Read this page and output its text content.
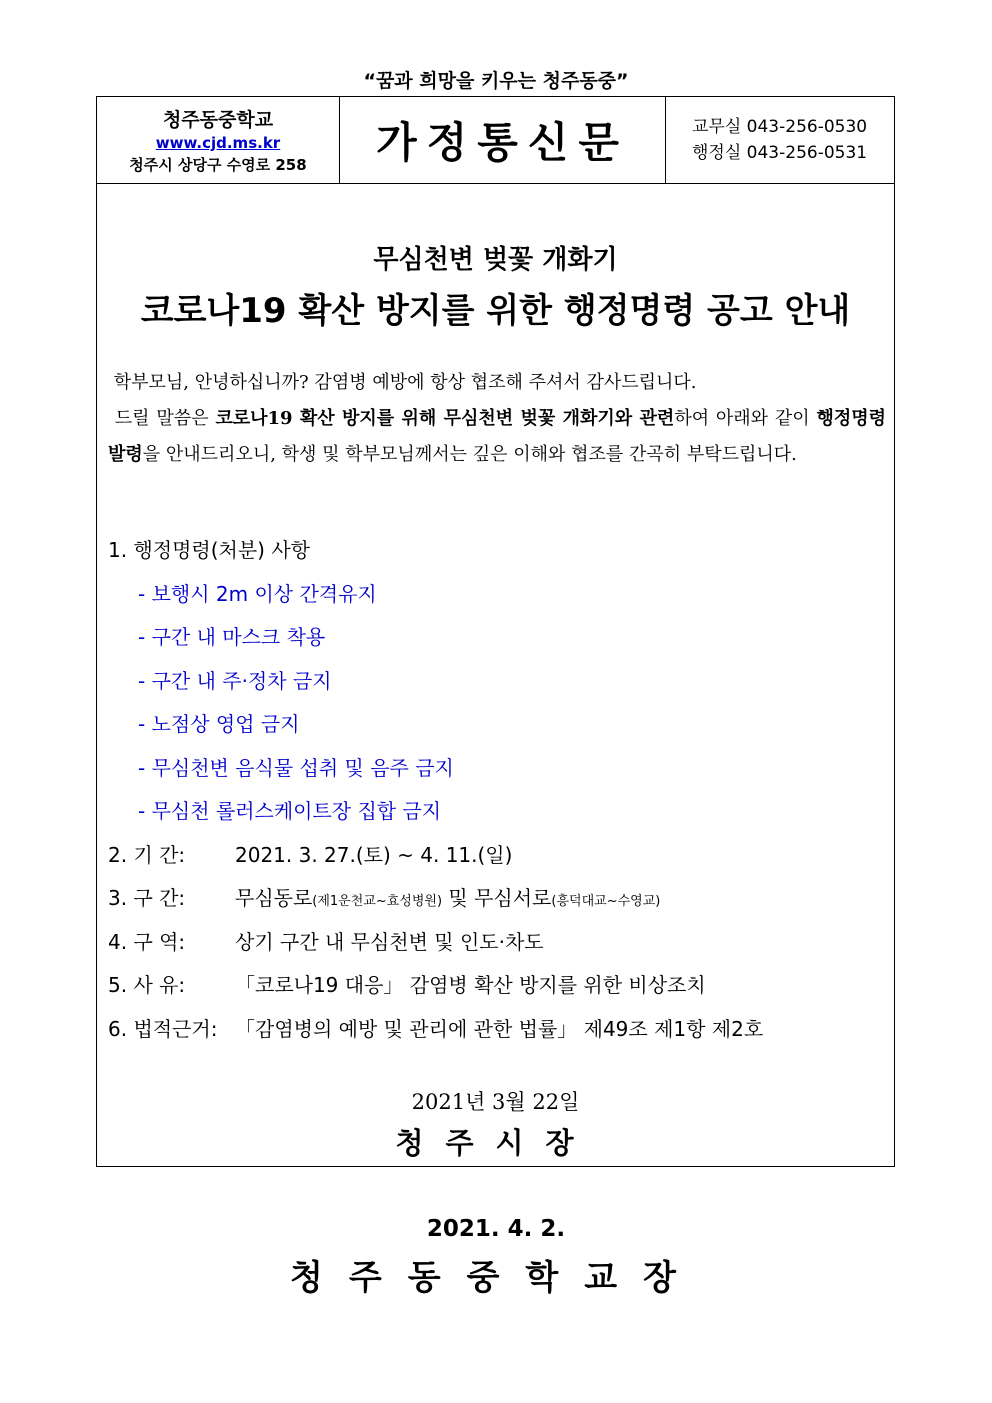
“꿈과 희망을 키우는 청주동중”
청주동중학교
www.cjd.ms.kr
청주시 상당구 수영로 258	가정통신문	교무실 043-256-0530
행정실 043-256-0531
무심천변 벚꽃 개화기
코로나19 확산 방지를 위한 행정명령 공고 안내

학부모님, 안녕하십니까? 감염병 예방에 항상 협조해 주셔서 감사드립니다.

드릴 말씀은 코로나19 확산 방지를 위해 무심천변 벚꽃 개화기와 관련하여 아래와 같이 행정명령 발령을 안내드리오니, 학생 및 학부모님께서는 깊은 이해와 협조를 간곡히 부탁드립니다.

1. 행정명령(처분) 사항
- 보행시 2m 이상 간격유지
- 구간 내 마스크 착용
- 구간 내 주·정차 금지
- 노점상 영업 금지
- 무심천변 음식물 섭취 및 음주 금지
- 무심천 롤러스케이트장 집합 금지
2. 기 간: 2021. 3. 27.(토) ~ 4. 11.(일)
3. 구 간: 무심동로(제1운천교~효성병원) 및 무심서로(흥덕대교~수영교)
4. 구 역: 상기 구간 내 무심천변 및 인도·차도
5. 사 유: 「코로나19 대응」 감염병 확산 방지를 위한 비상조치
6. 법적근거: 「감염병의 예방 및 관리에 관한 법률」 제49조 제1항 제2호
2021년 3월 22일
청주시장
2021. 4. 2.
청주동중학교장
